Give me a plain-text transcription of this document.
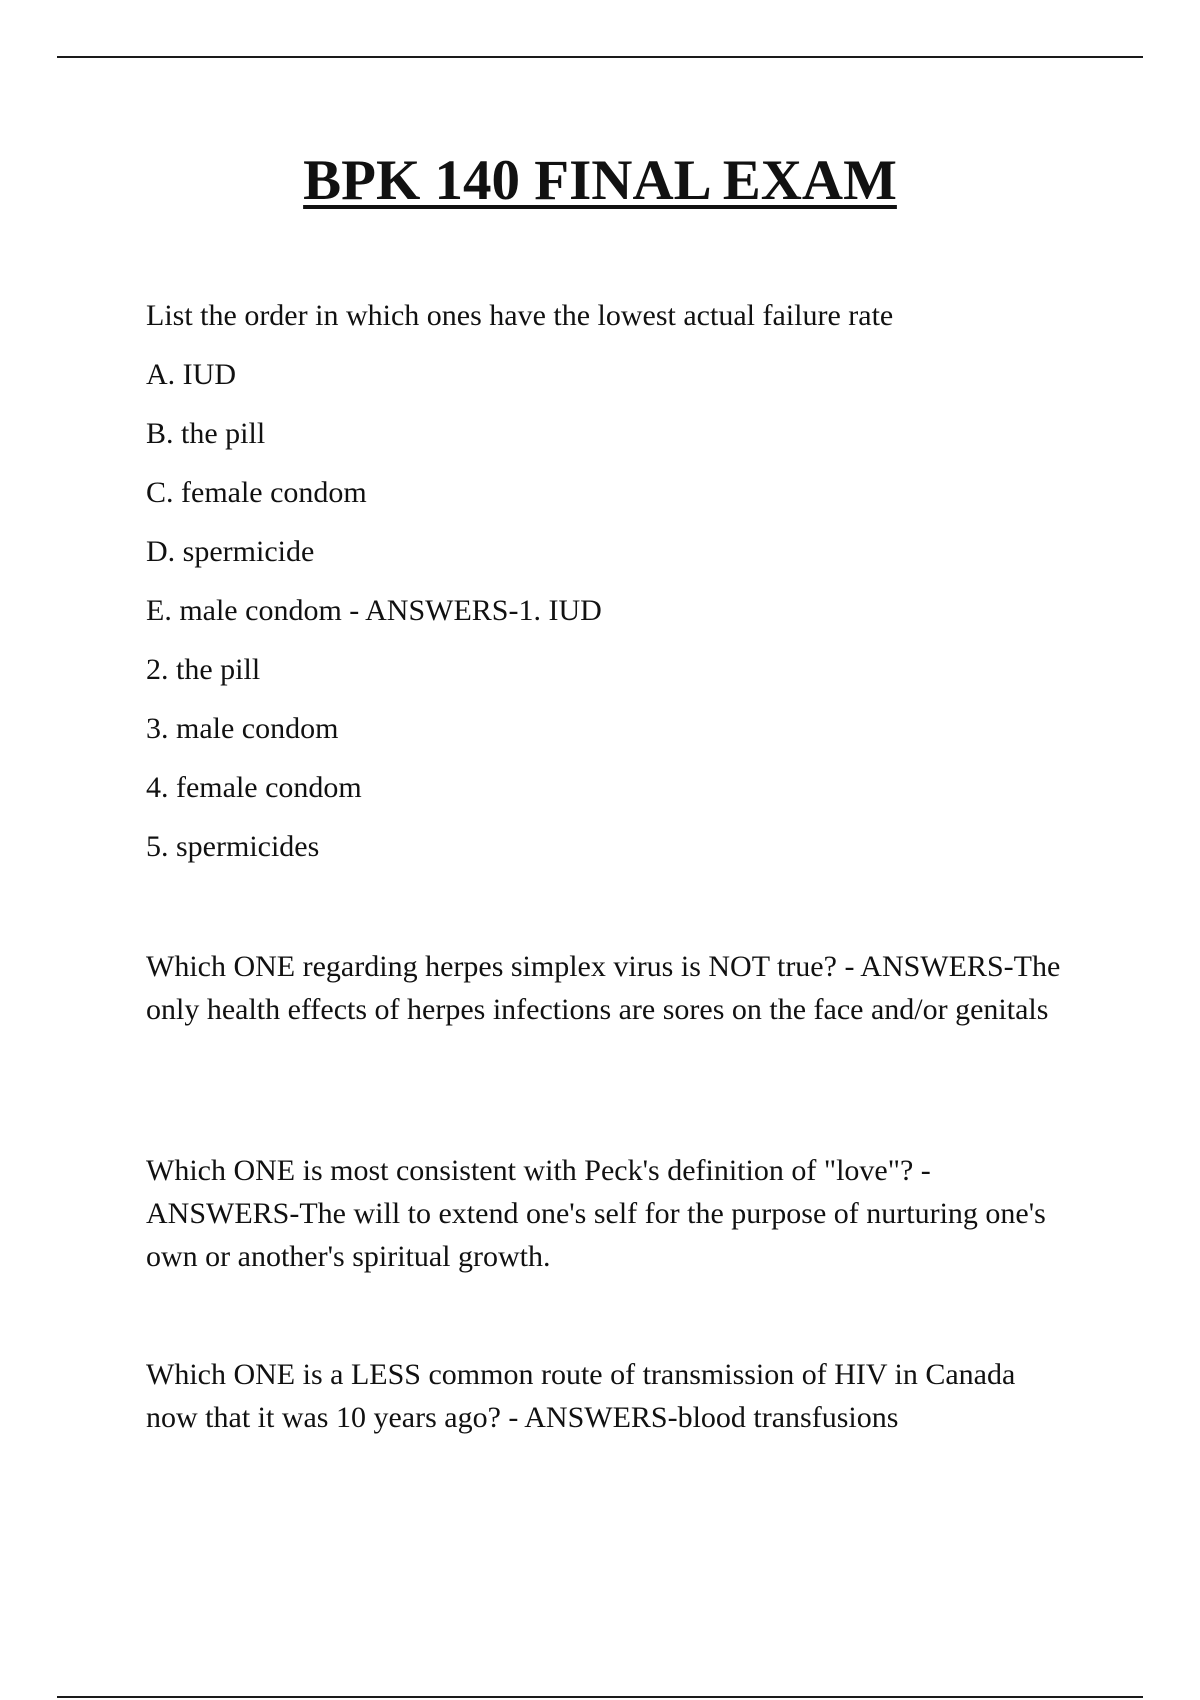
BPK 140 FINAL EXAM
List the order in which ones have the lowest actual failure rate
A. IUD
B. the pill
C. female condom
D. spermicide
E. male condom - ANSWERS-1. IUD
2. the pill
3. male condom
4. female condom
5. spermicides

Which ONE regarding herpes simplex virus is NOT true? - ANSWERS-The only health effects of herpes infections are sores on the face and/or genitals

Which ONE is most consistent with Peck's definition of "love"? - ANSWERS-The will to extend one's self for the purpose of nurturing one's own or another's spiritual growth.

Which ONE is a LESS common route of transmission of HIV in Canada now that it was 10 years ago? - ANSWERS-blood transfusions
